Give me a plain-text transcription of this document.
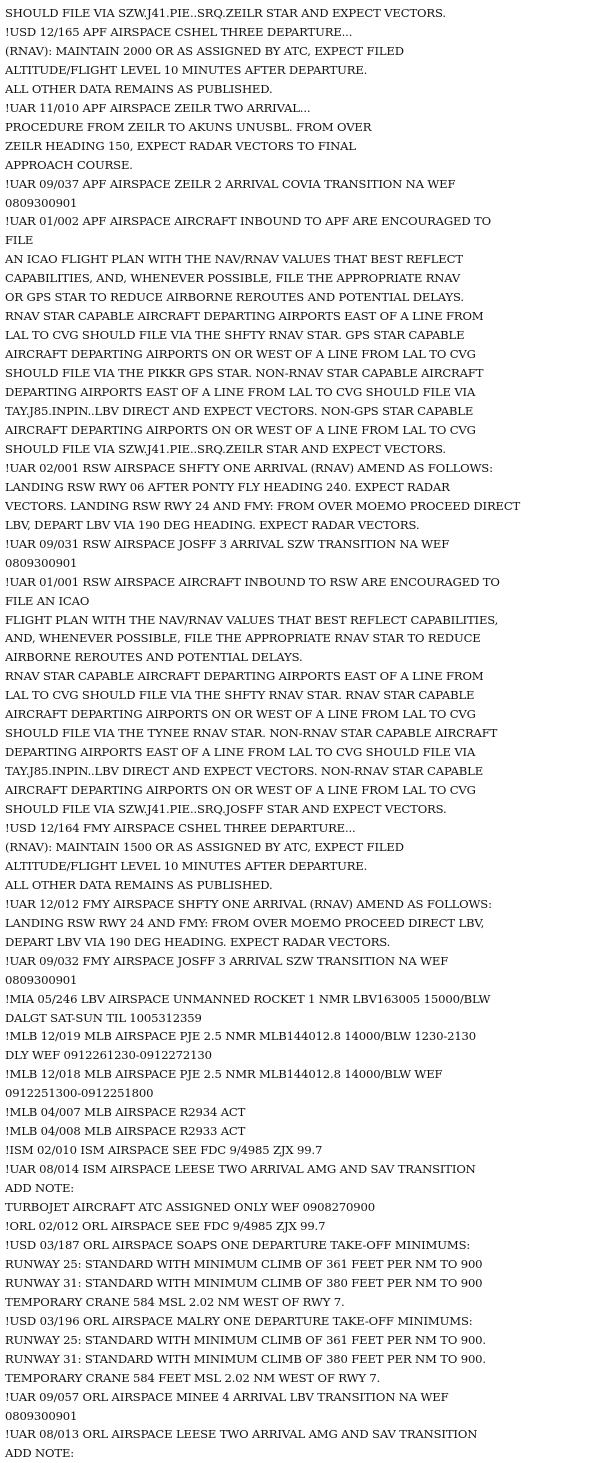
SHOULD FILE VIA SZW.J41.PIE..SRQ.ZEILR STAR AND EXPECT VECTORS.
!USD 12/165 APF AIRSPACE CSHEL THREE DEPARTURE...
(RNAV): MAINTAIN 2000 OR AS ASSIGNED BY ATC, EXPECT FILED
ALTITUDE/FLIGHT LEVEL 10 MINUTES AFTER DEPARTURE.
ALL OTHER DATA REMAINS AS PUBLISHED.
!UAR 11/010 APF AIRSPACE ZEILR TWO ARRIVAL...
PROCEDURE FROM ZEILR TO AKUNS UNUSBL. FROM OVER
ZEILR HEADING 150, EXPECT RADAR VECTORS TO FINAL
APPROACH COURSE.
!UAR 09/037 APF AIRSPACE ZEILR 2 ARRIVAL COVIA TRANSITION NA WEF
0809300901
!UAR 01/002 APF AIRSPACE AIRCRAFT INBOUND TO APF ARE ENCOURAGED TO
FILE
AN ICAO FLIGHT PLAN WITH THE NAV/RNAV VALUES THAT BEST REFLECT
CAPABILITIES, AND, WHENEVER POSSIBLE, FILE THE APPROPRIATE RNAV
OR GPS STAR TO REDUCE AIRBORNE REROUTES AND POTENTIAL DELAYS.
RNAV STAR CAPABLE AIRCRAFT DEPARTING AIRPORTS EAST OF A LINE FROM
LAL TO CVG SHOULD FILE VIA THE SHFTY RNAV STAR. GPS STAR CAPABLE
AIRCRAFT DEPARTING AIRPORTS ON OR WEST OF A LINE FROM LAL TO CVG
SHOULD FILE VIA THE PIKKR GPS STAR. NON-RNAV STAR CAPABLE AIRCRAFT
DEPARTING AIRPORTS EAST OF A LINE FROM LAL TO CVG SHOULD FILE VIA
TAY.J85.INPIN..LBV DIRECT AND EXPECT VECTORS. NON-GPS STAR CAPABLE
AIRCRAFT DEPARTING AIRPORTS ON OR WEST OF A LINE FROM LAL TO CVG
SHOULD FILE VIA SZW.J41.PIE..SRQ.ZEILR STAR AND EXPECT VECTORS.
!UAR 02/001 RSW AIRSPACE SHFTY ONE ARRIVAL (RNAV) AMEND AS FOLLOWS:
LANDING RSW RWY 06 AFTER PONTY FLY HEADING 240. EXPECT RADAR
VECTORS. LANDING RSW RWY 24 AND FMY: FROM OVER MOEMO PROCEED DIRECT
LBV, DEPART LBV VIA 190 DEG HEADING. EXPECT RADAR VECTORS.
!UAR 09/031 RSW AIRSPACE JOSFF 3 ARRIVAL SZW TRANSITION NA WEF
0809300901
!UAR 01/001 RSW AIRSPACE AIRCRAFT INBOUND TO RSW ARE ENCOURAGED TO
FILE AN ICAO
FLIGHT PLAN WITH THE NAV/RNAV VALUES THAT BEST REFLECT CAPABILITIES,
AND, WHENEVER POSSIBLE, FILE THE APPROPRIATE RNAV STAR TO REDUCE
AIRBORNE REROUTES AND POTENTIAL DELAYS.
RNAV STAR CAPABLE AIRCRAFT DEPARTING AIRPORTS EAST OF A LINE FROM
LAL TO CVG SHOULD FILE VIA THE SHFTY RNAV STAR. RNAV STAR CAPABLE
AIRCRAFT DEPARTING AIRPORTS ON OR WEST OF A LINE FROM LAL TO CVG
SHOULD FILE VIA THE TYNEE RNAV STAR. NON-RNAV STAR CAPABLE AIRCRAFT
DEPARTING AIRPORTS EAST OF A LINE FROM LAL TO CVG SHOULD FILE VIA
TAY.J85.INPIN..LBV DIRECT AND EXPECT VECTORS. NON-RNAV STAR CAPABLE
AIRCRAFT DEPARTING AIRPORTS ON OR WEST OF A LINE FROM LAL TO CVG
SHOULD FILE VIA SZW.J41.PIE..SRQ.JOSFF STAR AND EXPECT VECTORS.
!USD 12/164 FMY AIRSPACE CSHEL THREE DEPARTURE...
(RNAV): MAINTAIN 1500 OR AS ASSIGNED BY ATC, EXPECT FILED
ALTITUDE/FLIGHT LEVEL 10 MINUTES AFTER DEPARTURE.
ALL OTHER DATA REMAINS AS PUBLISHED.
!UAR 12/012 FMY AIRSPACE SHFTY ONE ARRIVAL (RNAV) AMEND AS FOLLOWS:
LANDING RSW RWY 24 AND FMY: FROM OVER MOEMO PROCEED DIRECT LBV,
DEPART LBV VIA 190 DEG HEADING. EXPECT RADAR VECTORS.
!UAR 09/032 FMY AIRSPACE JOSFF 3 ARRIVAL SZW TRANSITION NA WEF
0809300901
!MIA 05/246 LBV AIRSPACE UNMANNED ROCKET 1 NMR LBV163005 15000/BLW
DALGT SAT-SUN TIL 1005312359
!MLB 12/019 MLB AIRSPACE PJE 2.5 NMR MLB144012.8 14000/BLW 1230-2130
DLY WEF 0912261230-0912272130
!MLB 12/018 MLB AIRSPACE PJE 2.5 NMR MLB144012.8 14000/BLW WEF
0912251300-0912251800
!MLB 04/007 MLB AIRSPACE R2934 ACT
!MLB 04/008 MLB AIRSPACE R2933 ACT
!ISM 02/010 ISM AIRSPACE SEE FDC 9/4985 ZJX 99.7
!UAR 08/014 ISM AIRSPACE LEESE TWO ARRIVAL AMG AND SAV TRANSITION
ADD NOTE:
TURBOJET AIRCRAFT ATC ASSIGNED ONLY WEF 0908270900
!ORL 02/012 ORL AIRSPACE SEE FDC 9/4985 ZJX 99.7
!USD 03/187 ORL AIRSPACE SOAPS ONE DEPARTURE TAKE-OFF MINIMUMS:
RUNWAY 25: STANDARD WITH MINIMUM CLIMB OF 361 FEET PER NM TO 900
RUNWAY 31: STANDARD WITH MINIMUM CLIMB OF 380 FEET PER NM TO 900
TEMPORARY CRANE 584 MSL 2.02 NM WEST OF RWY 7.
!USD 03/196 ORL AIRSPACE MALRY ONE DEPARTURE TAKE-OFF MINIMUMS:
RUNWAY 25: STANDARD WITH MINIMUM CLIMB OF 361 FEET PER NM TO 900.
RUNWAY 31: STANDARD WITH MINIMUM CLIMB OF 380 FEET PER NM TO 900.
TEMPORARY CRANE 584 FEET MSL 2.02 NM WEST OF RWY 7.
!UAR 09/057 ORL AIRSPACE MINEE 4 ARRIVAL LBV TRANSITION NA WEF
0809300901
!UAR 08/013 ORL AIRSPACE LEESE TWO ARRIVAL AMG AND SAV TRANSITION
ADD NOTE:
